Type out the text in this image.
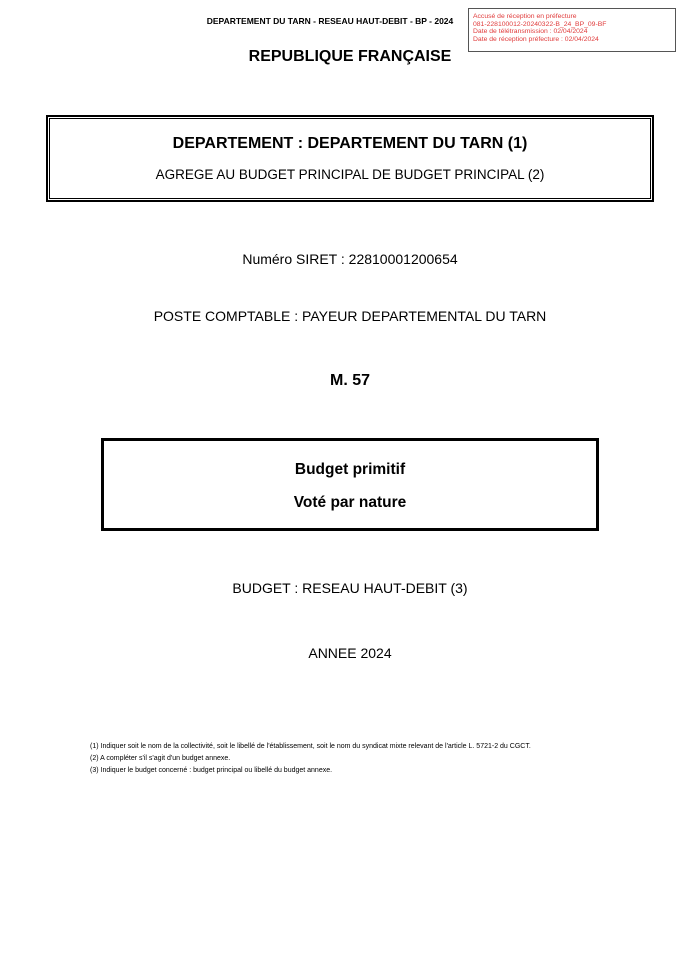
DEPARTEMENT DU TARN - RESEAU HAUT-DEBIT - BP - 2024	Accusé de réception en préfecture
081-228100012-20240322-B_24_BP_09-BF
Date de télétransmission : 02/04/2024
Date de réception préfecture : 02/04/2024
REPUBLIQUE FRANÇAISE
DEPARTEMENT : DEPARTEMENT DU TARN (1)
AGREGE AU BUDGET PRINCIPAL DE BUDGET PRINCIPAL (2)
Numéro SIRET : 22810001200654
POSTE COMPTABLE : PAYEUR DEPARTEMENTAL DU TARN
M. 57
Budget primitif
Voté par nature
BUDGET : RESEAU HAUT-DEBIT (3)
ANNEE 2024
(1) Indiquer soit le nom de la collectivité, soit le libellé de l'établissement, soit le nom du syndicat mixte relevant de l'article L. 5721-2 du CGCT.
(2) A compléter s'il s'agit d'un budget annexe.
(3) Indiquer le budget concerné : budget principal ou libellé du budget annexe.
